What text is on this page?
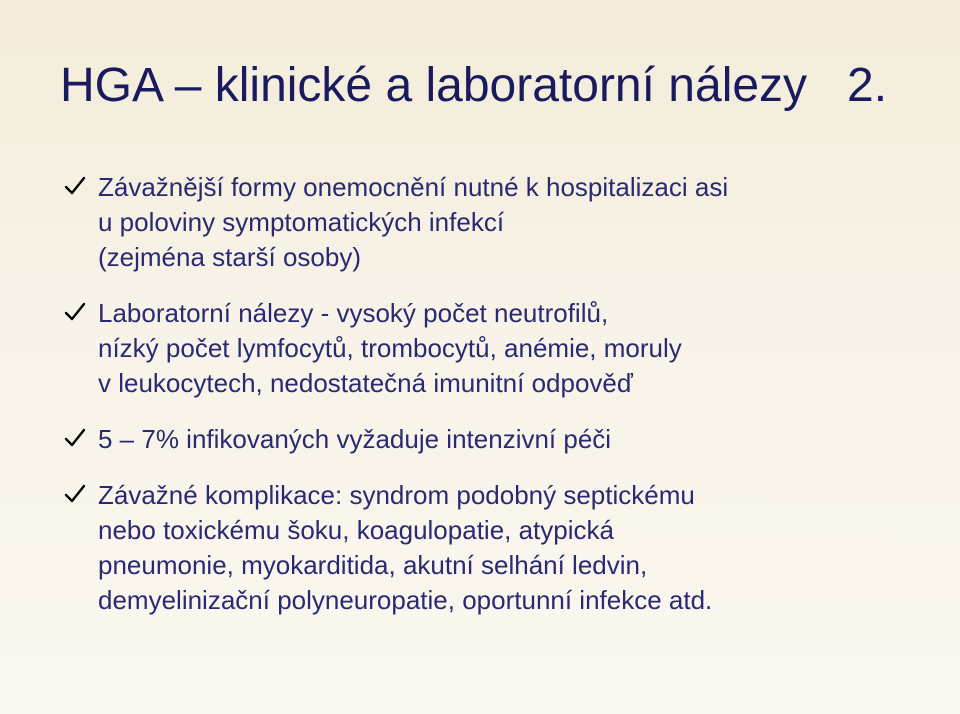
HGA – klinické a laboratorní nálezy   2.
Závažnější formy onemocnění nutné k hospitalizaci asi
u poloviny symptomatických infekcí
(zejména starší osoby)
Laboratorní nálezy - vysoký počet neutrofilů,
nízký počet lymfocytů, trombocytů, anémie, moruly
v leukocytech, nedostatečná imunitní odpověď
5 – 7% infikovaných vyžaduje intenzivní péči
Závažné komplikace: syndrom podobný septickému
nebo toxickému šoku, koagulopatie, atypická
pneumonie, myokarditida, akutní selhání ledvin,
demyelinizační polyneuropatie, oportunní infekce atd.
